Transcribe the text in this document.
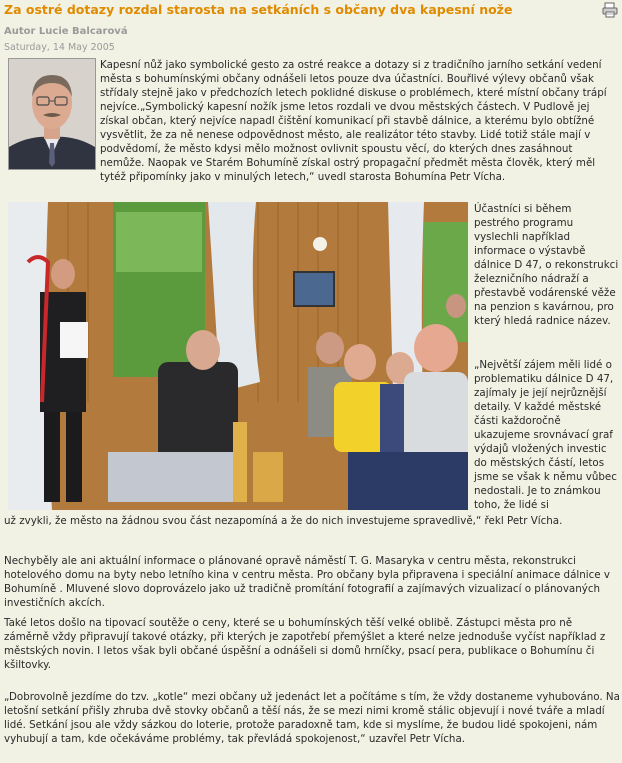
Za ostré dotazy rozdal starosta na setkáních s občany dva kapesní nože
Autor Lucie Balcarová
Saturday, 14 May 2005

Kapesní nůž jako symbolické gesto za ostré reakce a dotazy si z tradičního jarního setkání vedení města s bohumínskými občany odnášeli letos pouze dva účastníci. Bouřlivé výlevy občanů však střídaly stejně jako v předchozích letech poklidné diskuse o problémech, které místní občany trápí nejvíce.„Symbolický kapesní nožík jsme letos rozdali ve dvou městských částech. V Pudlově jej získal občan, který nejvíce napadl čištění komunikací při stavbě dálnice, a kterému bylo obtížné vysvětlit, že za ně nenese odpovědnost město, ale realizátor této stavby. Lidé totiž stále mají v podvědomí, že město kdysi mělo možnost ovlivnit spoustu věcí, do kterých dnes zasáhnout nemůže. Naopak ve Starém Bohumíně získal ostrý propagační předmět města člověk, který měl tytéž připomínky jako v minulých letech,“ uvedl starosta Bohumína Petr Vícha.

Účastníci si během pestrého programu vyslechli například informace o výstavbě dálnice D 47, o rekonstrukci železničního nádraží a přestavbě vodárenské věže na penzion s kavárnou, pro který hledá radnice název.

„Největší zájem měli lidé o problematiku dálnice D 47, zajímaly je její nejrůznější detaily. V každé městské části každoročně ukazujeme srovnávací graf výdajů vložených investic do městských částí, letos jsme se však k němu vůbec nedostali. Je to známkou toho, že lidé si

už zvykli, že město na žádnou svou část nezapomíná a že do nich investujeme spravedlivě,“ řekl Petr Vícha.

Nechyběly ale ani aktuální informace o plánované opravě náměstí T. G. Masaryka v centru města, rekonstrukci hotelového domu na byty nebo letního kina v centru města. Pro občany byla připravena i speciální animace dálnice v Bohumíně . Mluvené slovo doprovázelo jako už tradičně promítání fotografií a zajímavých vizualizací o plánovaných investičních akcích.

Také letos došlo na tipovací soutěže o ceny, které se u bohumínských těší velké oblibě. Zástupci města pro ně záměrně vždy připravují takové otázky, při kterých je zapotřebí přemýšlet a které nelze jednoduše vyčíst například z městských novin. I letos však byli občané úspěšní a odnášeli si domů hrníčky, psací pera, publikace o Bohumínu či kšiltovky.

„Dobrovolně jezdíme do tzv. „kotle“ mezi občany už jedenáct let a počítáme s tím, že vždy dostaneme vyhubováno. Na letošní setkání přišly zhruba dvě stovky občanů a těší nás, že se mezi nimi kromě stálic objevují i nové tváře a mladí lidé. Setkání jsou ale vždy sázkou do loterie, protože paradoxně tam, kde si myslíme, že budou lidé spokojeni, nám vyhubují a tam, kde očekáváme problémy, tak převládá spokojenost,“ uzavřel Petr Vícha.
